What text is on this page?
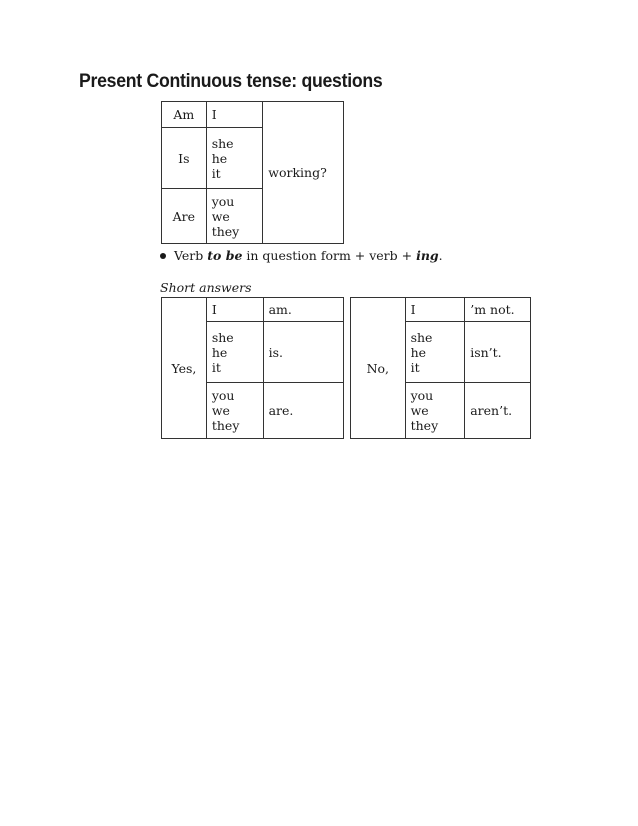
Present Continuous tense: questions
Am	I	working?
Is	she
he
it	

Are	you
we
they	

Verb to be in question form + verb + ing.

Short answers

Yes,	I	am.

	she
he
it	is.

	you
we
they	are.
No,	I	’m not.

	she
he
it	isn’t.

	you
we
they	aren’t.
